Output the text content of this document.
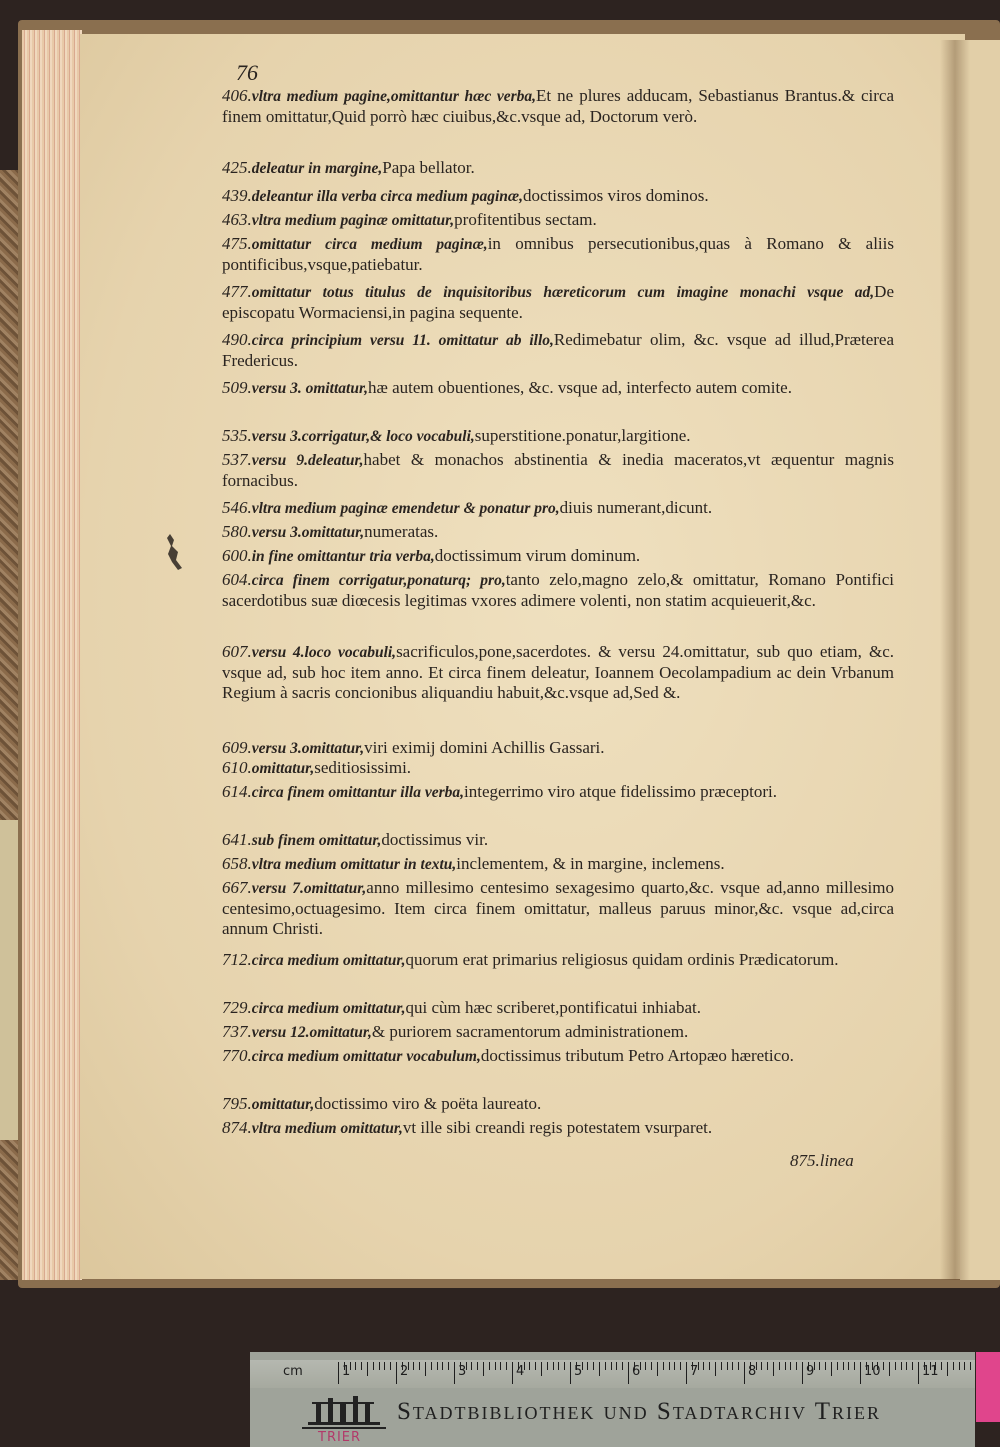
76
406.vltra medium pagine,omittantur hæc verba,Et ne plures adducam, Sebastianus Brantus.& circa finem omittatur,Quid porrò hæc ciuibus,&c.vsque ad, Doctorum verò.
425.deleatur in margine,Papa bellator.
439.deleantur illa verba circa medium paginæ,doctissimos viros dominos.
463.vltra medium paginæ omittatur,profitentibus sectam.
475.omittatur circa medium paginæ,in omnibus persecutionibus,quas à Romano & aliis pontificibus,vsque,patiebatur.
477.omittatur totus titulus de inquisitoribus hæreticorum cum imagine monachi vsque ad,De episcopatu Wormaciensi,in pagina sequente.
490.circa principium versu 11. omittatur ab illo,Redimebatur olim, &c. vsque ad illud,Præterea Fredericus.
509.versu 3. omittatur,hæ autem obuentiones, &c. vsque ad, interfecto autem comite.
535.versu 3.corrigatur,& loco vocabuli,superstitione.ponatur,largitione.
537.versu 9.deleatur,habet & monachos abstinentia & inedia maceratos,vt æquentur magnis fornacibus.
546.vltra medium paginæ emendetur & ponatur pro,diuis numerant,dicunt.
580.versu 3.omittatur,numeratas.
600.in fine omittantur tria verba,doctissimum virum dominum.
604.circa finem corrigatur,ponaturq; pro,tanto zelo,magno zelo,& omittatur, Romano Pontifici sacerdotibus suæ diœcesis legitimas vxores adimere volenti, non statim acquieuerit,&c.
607.versu 4.loco vocabuli,sacrificulos,pone,sacerdotes. & versu 24.omittatur, sub quo etiam, &c. vsque ad, sub hoc item anno. Et circa finem deleatur, Ioannem Oecolampadium ac dein Vrbanum Regium à sacris concionibus aliquandiu habuit,&c.vsque ad,Sed &.
609.versu 3.omittatur,viri eximij domini Achillis Gassari.
610.omittatur,seditiosissimi.
614.circa finem omittantur illa verba,integerrimo viro atque fidelissimo præceptori.
641.sub finem omittatur,doctissimus vir.
658.vltra medium omittatur in textu,inclementem, & in margine, inclemens.
667.versu 7.omittatur,anno millesimo centesimo sexagesimo quarto,&c. vsque ad,anno millesimo centesimo,octuagesimo. Item circa finem omittatur, malleus paruus minor,&c. vsque ad,circa annum Christi.
712.circa medium omittatur,quorum erat primarius religiosus quidam ordinis Prædicatorum.
729.circa medium omittatur,qui cùm hæc scriberet,pontificatui inhiabat.
737.versu 12.omittatur,& puriorem sacramentorum administrationem.
770.circa medium omittatur vocabulum,doctissimus tributum Petro Artopæo hæretico.
795.omittatur,doctissimo viro & poëta laureato.
874.vltra medium omittatur,vt ille sibi creandi regis potestatem vsurparet.
875.linea
cm	1	2	3	4	5	6	7	8	9	10	11
TRIER
Stadtbibliothek und Stadtarchiv Trier
